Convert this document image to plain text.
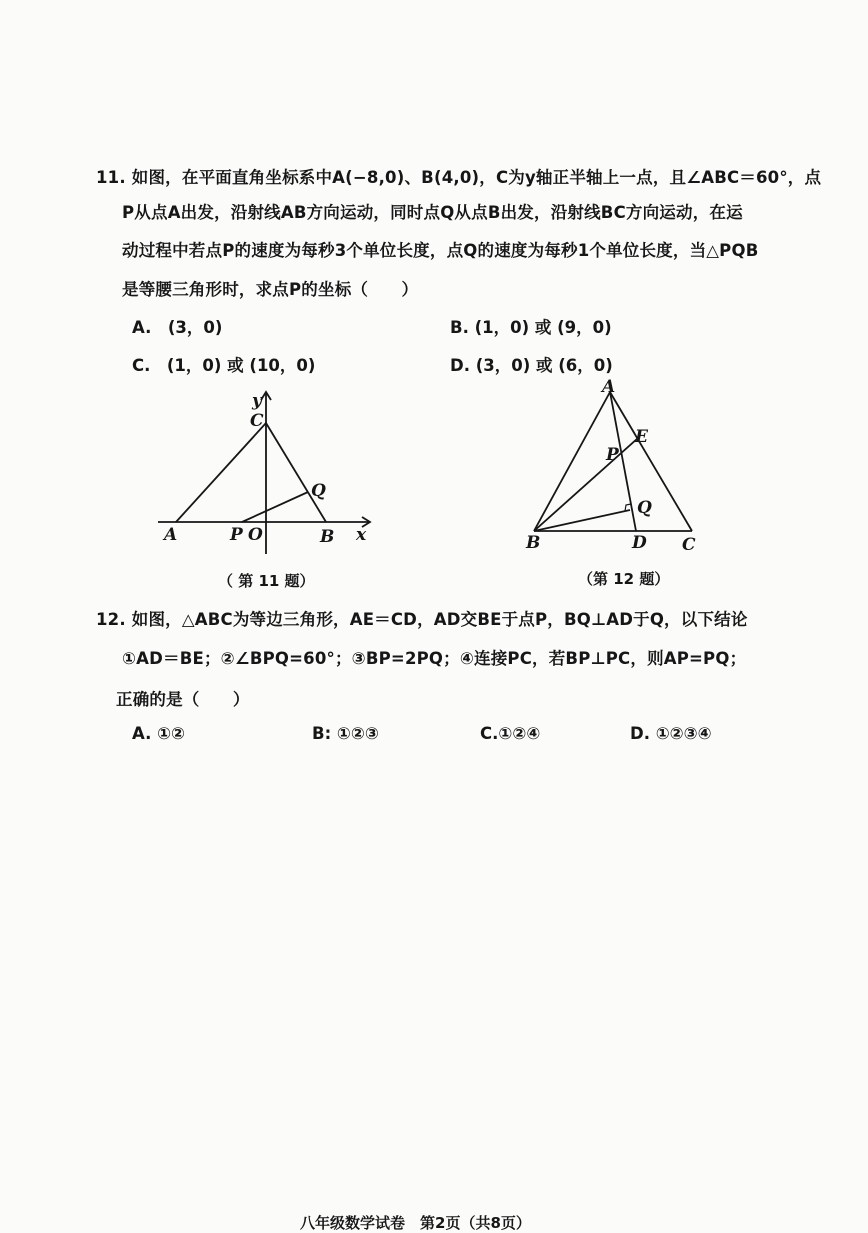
11. 如图，在平面直角坐标系中A(−8,0)、B(4,0)，C为y轴正半轴上一点，且∠ABC＝60°，点
P从点A出发，沿射线AB方向运动，同时点Q从点B出发，沿射线BC方向运动，在运
动过程中若点P的速度为每秒3个单位长度，点Q的速度为每秒1个单位长度，当△PQB
是等腰三角形时，求点P的坐标（　　）
A.　(3，0)	B. (1，0) 或 (9，0)
C.　(1，0) 或 (10，0)	D. (3，0) 或 (6，0)
y
C
Q
A	P O	B x
A
E
P
Q
B	D C
（ 第 11 题）	（第 12 题）
12. 如图，△ABC为等边三角形，AE＝CD，AD交BE于点P，BQ⊥AD于Q，以下结论
①AD＝BE；②∠BPQ=60°；③BP=2PQ；④连接PC，若BP⊥PC，则AP=PQ；
正确的是（　　）
A. ①②	B: ①②③	C.①②④	D. ①②③④
八年级数学试卷　第2页（共8页）
